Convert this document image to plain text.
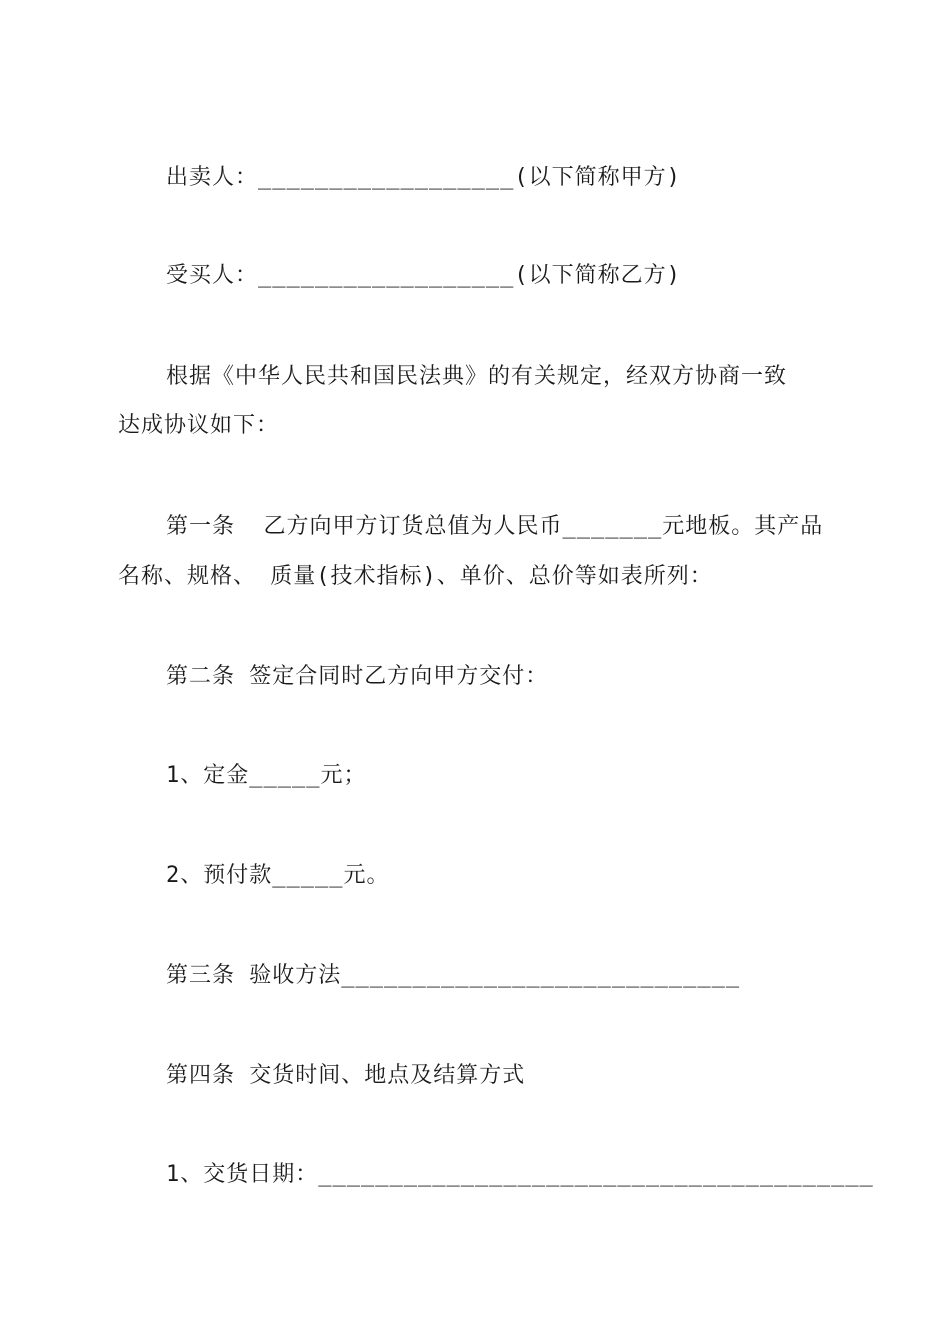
出卖人：__________________(以下简称甲方)
受买人：__________________(以下简称乙方)
根据《中华人民共和国民法典》的有关规定，经双方协商一致
达成协议如下：
第一条  乙方向甲方订货总值为人民币_______元地板。其产品
名称、规格、 质量(技术指标)、单价、总价等如表所列：
第二条 签定合同时乙方向甲方交付：
1、定金_____元；
2、预付款_____元。
第三条 验收方法____________________________
第四条 交货时间、地点及结算方式
1、交货日期：_______________________________________
